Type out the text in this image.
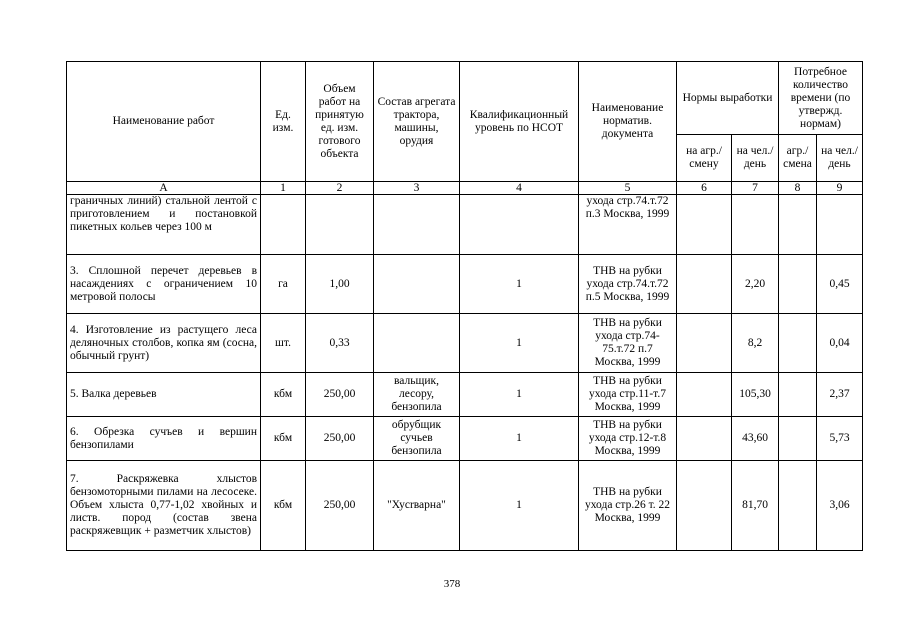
Наименование работ	Ед. изм.	Объем работ на принятую ед. изм. готового объекта	Состав агрегата трактора, машины, орудия	Квалификационный уровень по НСОТ	Наименование норматив. документа	Нормы выработки		Потребное количество времени (по утвержд. нормам)	
						на агр./ смену	на чел./ день	агр./ смена	на чел./ день
А	1	2	3	4	5	6	7	8	9
граничных линий) стальной лентой с приготовлением и постановкой пикетных кольев через 100 м					ухода стр.74.т.72 п.3 Москва, 1999				
3. Сплошной перечет деревьев в насаждениях с ограничением 10 метровой полосы	га	1,00		1	ТНВ на рубки ухода стр.74.т.72 п.5 Москва, 1999		2,20		0,45
4. Изготовление из растущего леса деляночных столбов, копка ям (сосна, обычный грунт)	шт.	0,33		1	ТНВ на рубки ухода стр.74-75.т.72 п.7 Москва, 1999		8,2		0,04
5. Валка деревьев	кбм	250,00	вальщик, лесору, бензопила	1	ТНВ на рубки ухода стр.11-т.7 Москва, 1999		105,30		2,37
6. Обрезка сучъев и вершин бензопилами	кбм	250,00	обрубщик сучьев бензопила	1	ТНВ на рубки ухода стр.12-т.8 Москва, 1999		43,60		5,73
7. Раскряжевка хлыстов бензомоторными пилами на лесосеке. Объем хлыста 0,77-1,02 хвойных и листв. пород (состав звена раскряжевщик + разметчик хлыстов)	кбм	250,00	"Хусrварна"	1	ТНВ на рубки ухода стр.26 т. 22 Москва, 1999		81,70		3,06
378
